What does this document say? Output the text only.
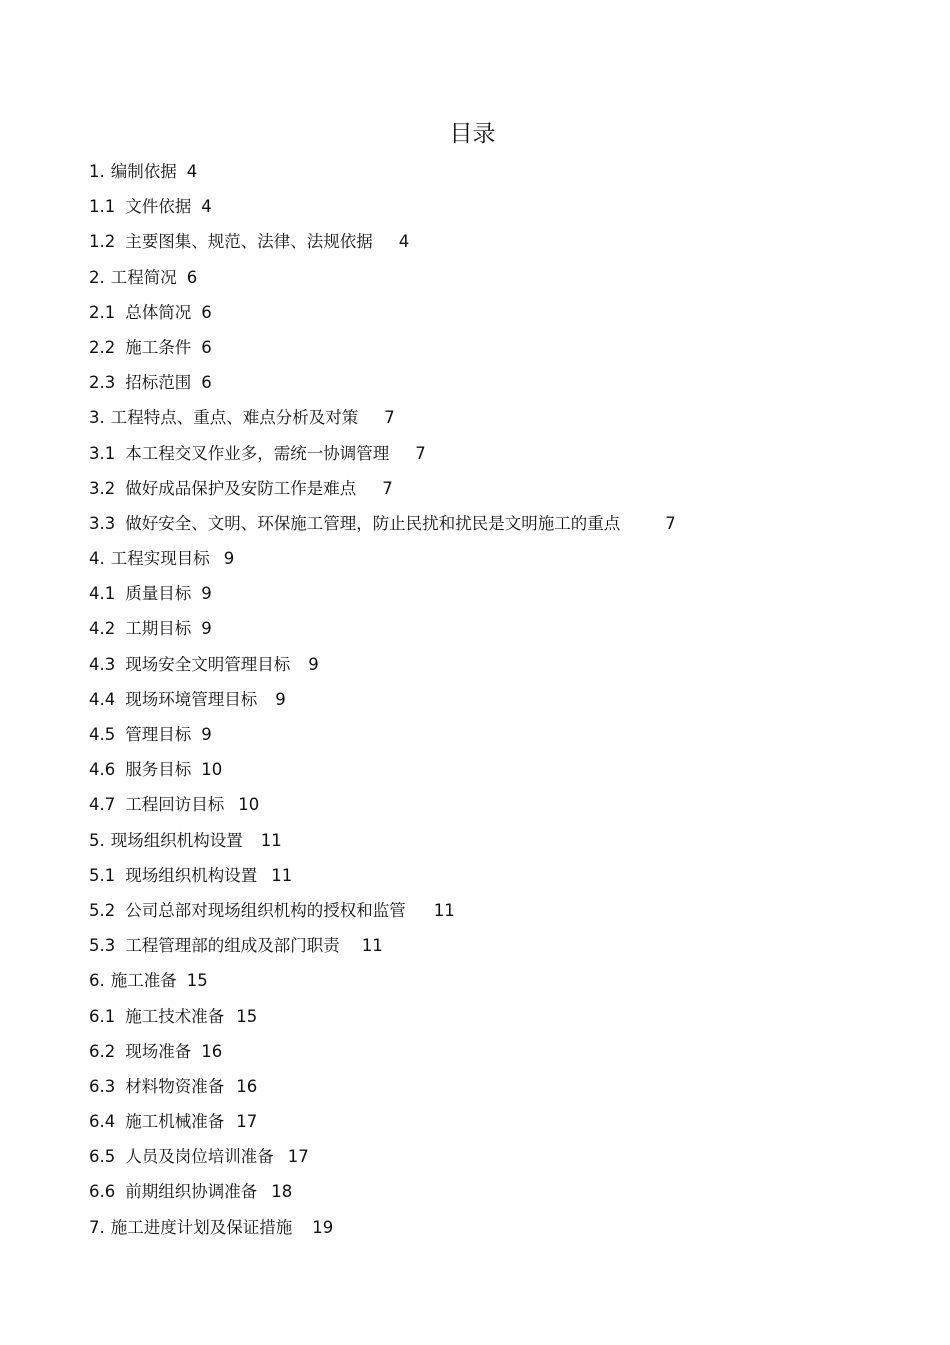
目录
1. 编制依据 4
1.1 文件依据 4
1.2 主要图集、规范、法律、法规依据 4
2. 工程简况 6
2.1 总体简况 6
2.2 施工条件 6
2.3 招标范围 6
3. 工程特点、重点、难点分析及对策 7
3.1 本工程交叉作业多，需统一协调管理 7
3.2 做好成品保护及安防工作是难点 7
3.3 做好安全、文明、环保施工管理，防止民扰和扰民是文明施工的重点	7
4. 工程实现目标 9
4.1 质量目标 9
4.2 工期目标 9
4.3 现场安全文明管理目标 9
4.4 现场环境管理目标 9
4.5 管理目标 9
4.6 服务目标 10
4.7 工程回访目标 10
5. 现场组织机构设置 11
5.1 现场组织机构设置 11
5.2 公司总部对现场组织机构的授权和监管 11
5.3 工程管理部的组成及部门职责 11
6. 施工准备 15
6.1 施工技术准备 15
6.2 现场准备 16
6.3 材料物资准备 16
6.4 施工机械准备 17
6.5 人员及岗位培训准备 17
6.6 前期组织协调准备 18
7. 施工进度计划及保证措施 19
